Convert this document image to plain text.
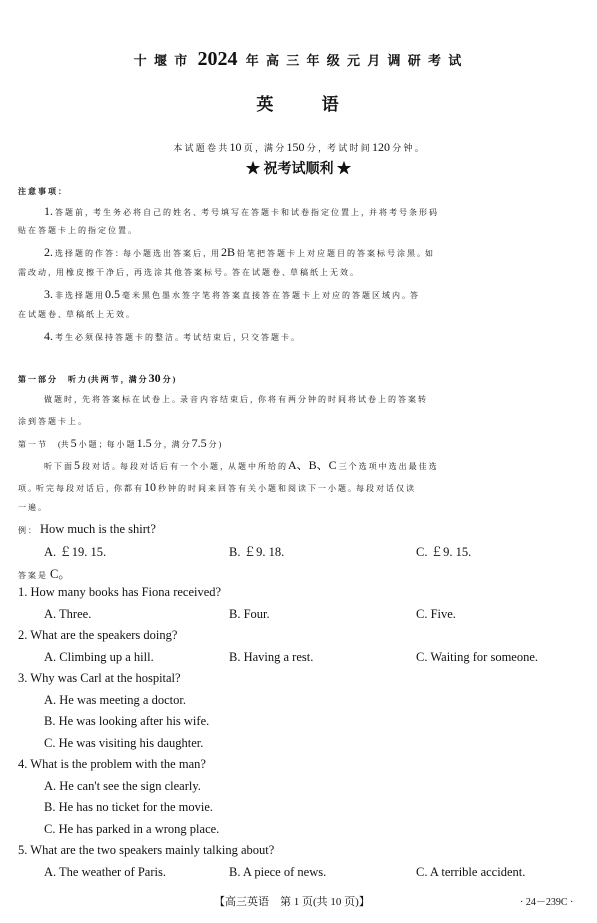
十 堰 市 2024 年 高 三 年 级 元 月 调 研 考 试
英 语
本 试 题 卷 共 10 页 ，满 分 150 分 ，考 试 时 间 120 分 钟 。
★ 祝考试顺利 ★
注 意 事 项 ：
1. 答 题 前 ，考 生 务 必 将 自 己 的 姓 名 、考 号 填 写 在 答 题 卡 和 试 卷 指 定 位 置 上 ，并 将 考 号 条 形 码
贴 在 答 题 卡 上 的 指 定 位 置 。
2. 选 择 题 的 作 答 ：每 小 题 选 出 答 案 后 ，用 2B 铅 笔 把 答 题 卡 上 对 应 题 目 的 答 案 标 号 涂 黑 。如
需 改 动 ，用 橡 皮 擦 干 净 后 ，再 选 涂 其 他 答 案 标 号 。答 在 试 题 卷 、草 稿 纸 上 无 效 。
3. 非 选 择 题 用 0.5 毫 米 黑 色 墨 水 签 字 笔 将 答 案 直 接 答 在 答 题 卡 上 对 应 的 答 题 区 域 内 。答
在 试 题 卷 、草 稿 纸 上 无 效 。
4. 考 生 必 须 保 持 答 题 卡 的 整 洁 。考 试 结 束 后 ，只 交 答 题 卡 。
第 一 部 分 听 力 (共 两 节 ，满 分 30 分 )
做 题 时 ，先 将 答 案 标 在 试 卷 上 。录 音 内 容 结 束 后 ，你 将 有 两 分 钟 的 时 间 将 试 卷 上 的 答 案 转
涂 到 答 题 卡 上 。
第 一 节 (共 5 小 题 ；每 小 题 1.5 分 ，满 分 7.5 分 )
听 下 面 5 段 对 话 。每 段 对 话 后 有 一 个 小 题 ，从 题 中 所 给 的 A、B、C 三 个 选 项 中 选 出 最 佳 选
项 。听 完 每 段 对 话 后 ，你 都 有 10 秒 钟 的 时 间 来 回 答 有 关 小 题 和 阅 读 下 一 小 题 。每 段 对 话 仅 读
一 遍 。
例 ： How much is the shirt?
A. ￡19. 15.	B. ￡9. 18.	C. ￡9. 15.
答 案 是 C。
1. How many books has Fiona received?
A. Three.	B. Four.	C. Five.
2. What are the speakers doing?
A. Climbing up a hill.	B. Having a rest.	C. Waiting for someone.
3. Why was Carl at the hospital?
A. He was meeting a doctor.
B. He was looking after his wife.
C. He was visiting his daughter.
4. What is the problem with the man?
A. He can't see the sign clearly.
B. He has no ticket for the movie.
C. He has parked in a wrong place.
5. What are the two speakers mainly talking about?
A. The weather of Paris.	B. A piece of news.	C. A terrible accident.
【高三英语　第 1 页(共 10 页)】	· 24－239C ·
